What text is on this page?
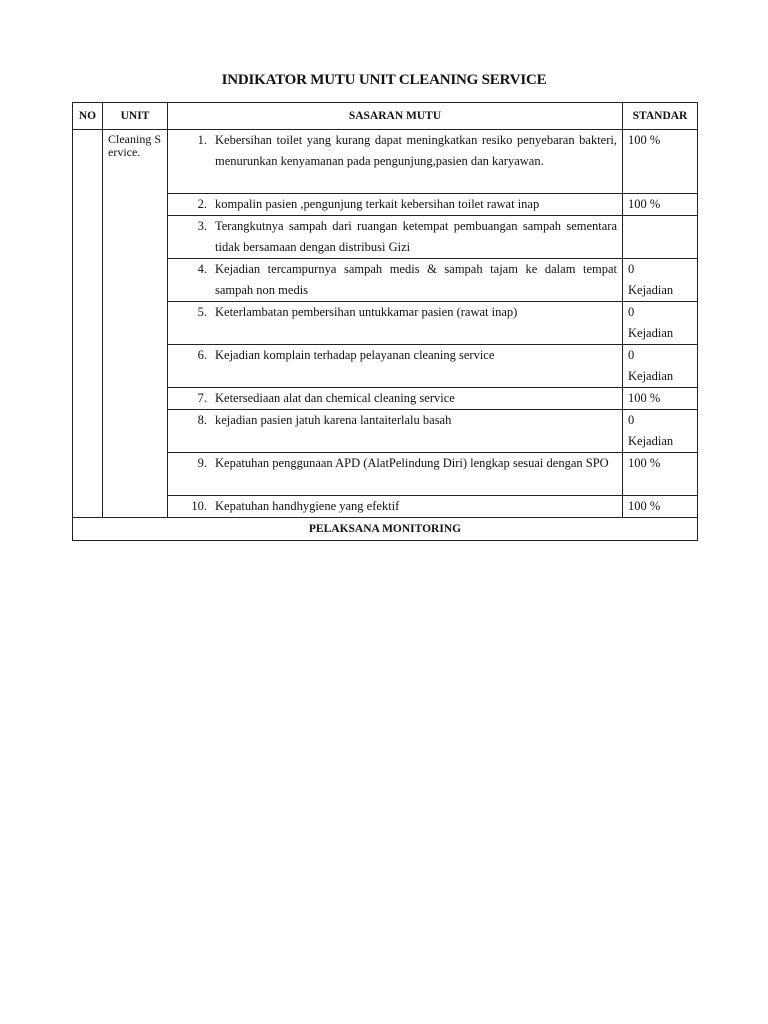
INDIKATOR MUTU UNIT CLEANING SERVICE
NO	UNIT	SASARAN MUTU	STANDAR
	Cleaning Service.	1. Kebersihan toilet yang kurang dapat meningkatkan resiko penyebaran bakteri, menurunkan kenyamanan pada pengunjung,pasien dan karyawan.	100 %

		2. kompalin pasien ,pengunjung terkait kebersihan toilet rawat inap	100 %

		3. Terangkutnya sampah dari ruangan ketempat pembuangan sampah sementara tidak bersamaan dengan distribusi Gizi	

		4. Kejadian tercampurnya sampah medis & sampah tajam ke dalam tempat sampah non medis	0
Kejadian

		5. Keterlambatan pembersihan untukkamar pasien (rawat inap)	0
Kejadian

		6. Kejadian komplain terhadap pelayanan cleaning service	0
Kejadian

		7. Ketersediaan alat dan chemical cleaning service	100 %

		8. kejadian pasien jatuh karena lantaiterlalu basah	0
Kejadian

		9. Kepatuhan penggunaan APD (AlatPelindung Diri) lengkap sesuai dengan SPO	100 %

		10. Kepatuhan handhygiene yang efektif	100 %
PELAKSANA MONITORING			
